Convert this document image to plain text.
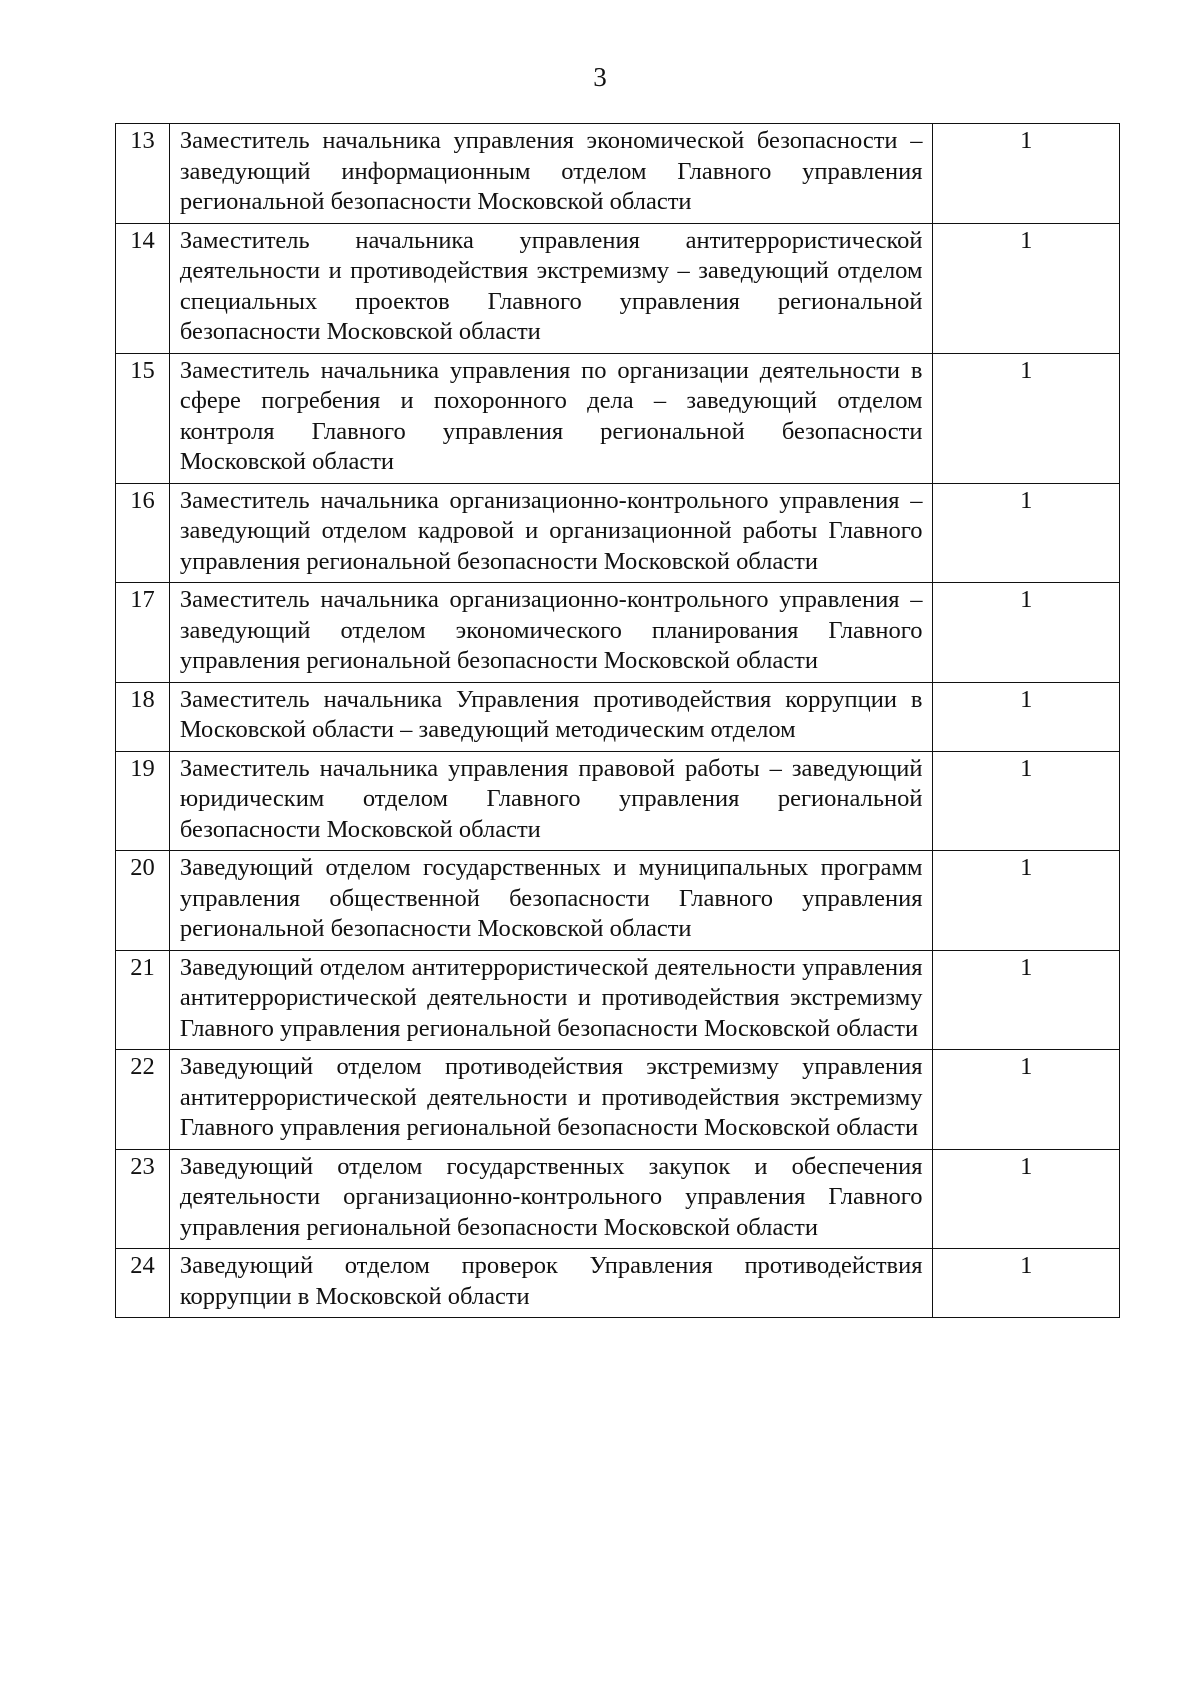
3
13	Заместитель начальника управления экономической безопасности – заведующий информационным отделом Главного управления региональной безопасности Московской области	1
14	Заместитель начальника управления антитеррористической деятельности и противодействия экстремизму – заведующий отделом специальных проектов Главного управления региональной безопасности Московской области	1
15	Заместитель начальника управления по организации деятельности в сфере погребения и похоронного дела – заведующий отделом контроля Главного управления региональной безопасности Московской области	1
16	Заместитель начальника организационно-контрольного управления – заведующий отделом кадровой и организационной работы Главного управления региональной безопасности Московской области	1
17	Заместитель начальника организационно-контрольного управления – заведующий отделом экономического планирования Главного управления региональной безопасности Московской области	1
18	Заместитель начальника Управления противодействия коррупции в Московской области – заведующий методическим отделом	1
19	Заместитель начальника управления правовой работы – заведующий юридическим отделом Главного управления региональной безопасности Московской области	1
20	Заведующий отделом государственных и муниципальных программ управления общественной безопасности Главного управления региональной безопасности Московской области	1
21	Заведующий отделом антитеррористической деятельности управления антитеррористической деятельности и противодействия экстремизму Главного управления региональной безопасности Московской области	1
22	Заведующий отделом противодействия экстремизму управления антитеррористической деятельности и противодействия экстремизму Главного управления региональной безопасности Московской области	1
23	Заведующий отделом государственных закупок и обеспечения деятельности организационно-контрольного управления Главного управления региональной безопасности Московской области	1
24	Заведующий отделом проверок Управления противодействия коррупции в Московской области	1
